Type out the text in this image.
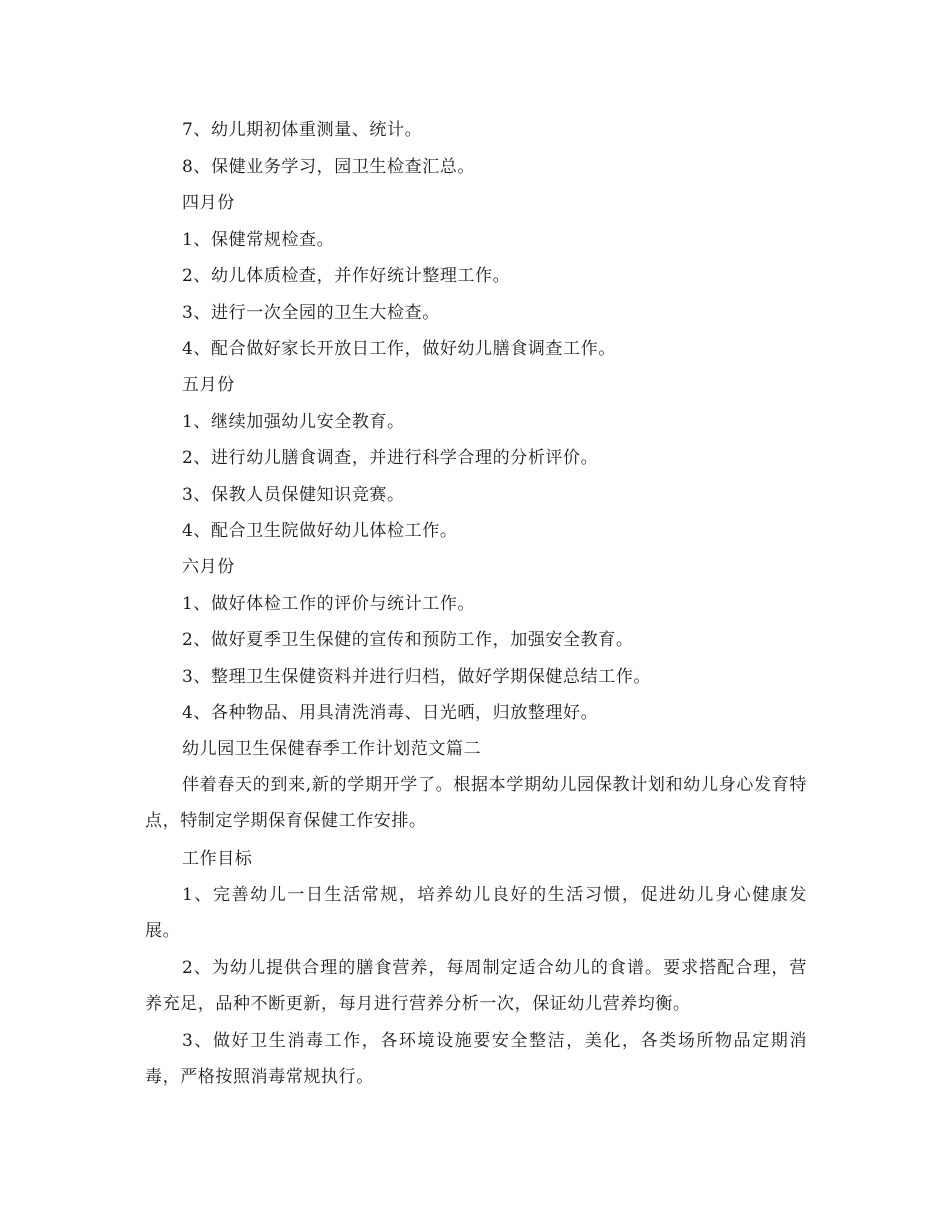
7、幼儿期初体重测量、统计。
8、保健业务学习，园卫生检查汇总。
四月份
1、保健常规检查。
2、幼儿体质检查，并作好统计整理工作。
3、进行一次全园的卫生大检查。
4、配合做好家长开放日工作，做好幼儿膳食调查工作。
五月份
1、继续加强幼儿安全教育。
2、进行幼儿膳食调查，并进行科学合理的分析评价。
3、保教人员保健知识竞赛。
4、配合卫生院做好幼儿体检工作。
六月份
1、做好体检工作的评价与统计工作。
2、做好夏季卫生保健的宣传和预防工作，加强安全教育。
3、整理卫生保健资料并进行归档，做好学期保健总结工作。
4、各种物品、用具清洗消毒、日光晒，归放整理好。
幼儿园卫生保健春季工作计划范文篇二
伴着春天的到来,新的学期开学了。根据本学期幼儿园保教计划和幼儿身心发育特点，特制定学期保育保健工作安排。
工作目标
1、完善幼儿一日生活常规，培养幼儿良好的生活习惯，促进幼儿身心健康发展。
2、为幼儿提供合理的膳食营养，每周制定适合幼儿的食谱。要求搭配合理，营养充足，品种不断更新，每月进行营养分析一次，保证幼儿营养均衡。
3、做好卫生消毒工作，各环境设施要安全整洁，美化，各类场所物品定期消毒，严格按照消毒常规执行。
